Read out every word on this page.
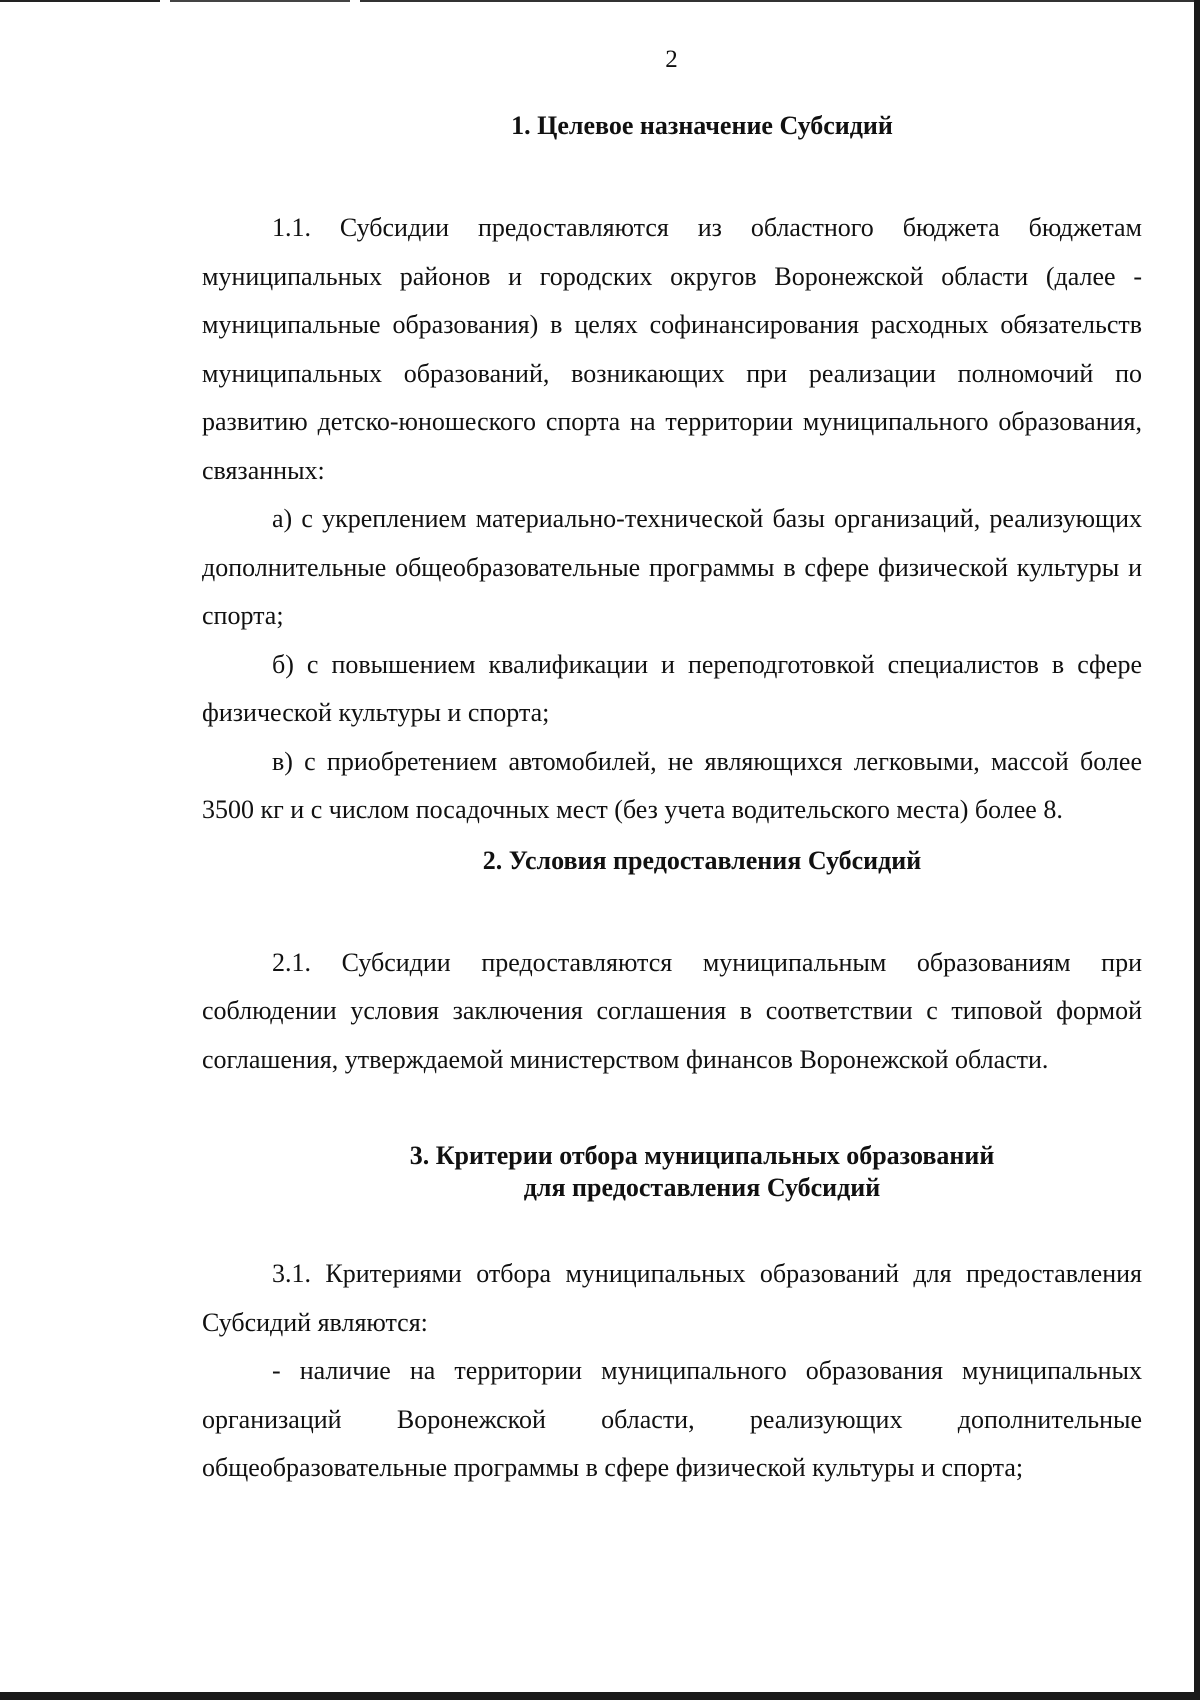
2
1. Целевое назначение Субсидий

1.1. Субсидии предоставляются из областного бюджета бюджетам муниципальных районов и городских округов Воронежской области (далее - муниципальные образования) в целях софинансирования расходных обязательств муниципальных образований, возникающих при реализации полномочий по развитию детско-юношеского спорта на территории муниципального образования, связанных:

а) с укреплением материально-технической базы организаций, реализующих дополнительные общеобразовательные программы в сфере физической культуры и спорта;

б) с повышением квалификации и переподготовкой специалистов в сфере физической культуры и спорта;

в) с приобретением автомобилей, не являющихся легковыми, массой более 3500 кг и с числом посадочных мест (без учета водительского места) более 8.

2. Условия предоставления Субсидий

2.1. Субсидии предоставляются муниципальным образованиям при соблюдении условия заключения соглашения в соответствии с типовой формой соглашения, утверждаемой министерством финансов Воронежской области.

3. Критерии отбора муниципальных образований
для предоставления Субсидий

3.1. Критериями отбора муниципальных образований для предоставления Субсидий являются:

- наличие на территории муниципального образования муниципальных организаций Воронежской области, реализующих дополнительные общеобразовательные программы в сфере физической культуры и спорта;
